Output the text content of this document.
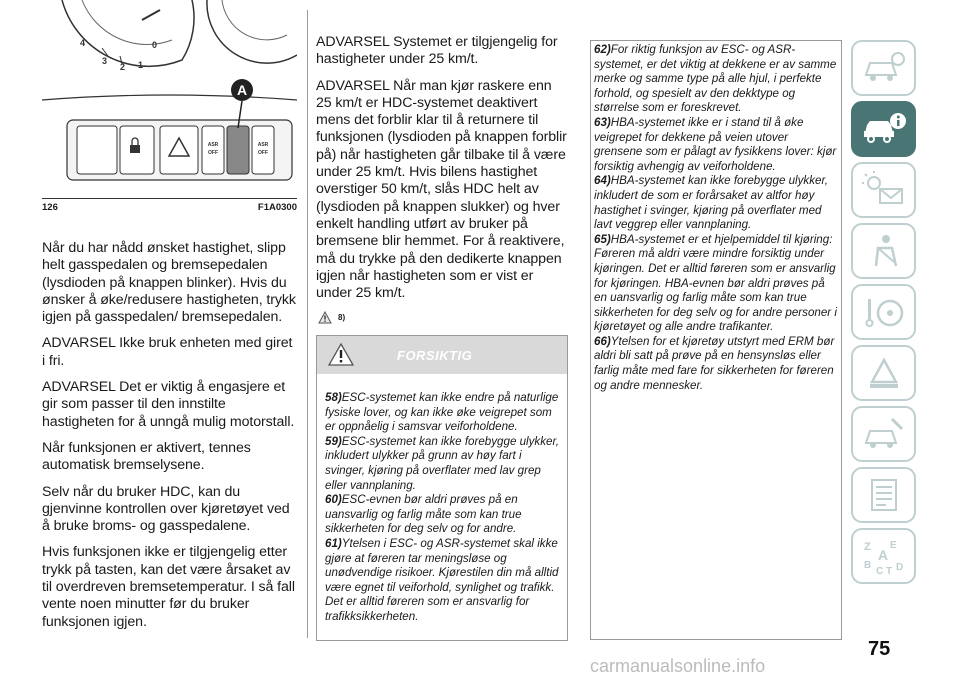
A
4
3
2 1
0
ASR
OFF
ASR
OFF
126	F1A0300

Når du har nådd ønsket hastighet, slipp helt gasspedalen og bremsepedalen (lysdioden på knappen blinker). Hvis du ønsker å øke/redusere hastigheten, trykk igjen på gasspedalen/ bremsepedalen.

ADVARSEL Ikke bruk enheten med giret i fri.

ADVARSEL Det er viktig å engasjere et gir som passer til den innstilte hastigheten for å unngå mulig motorstall.

Når funksjonen er aktivert, tennes automatisk bremselysene.

Selv når du bruker HDC, kan du gjenvinne kontrollen over kjøretøyet ved å bruke broms- og gasspedalene.

Hvis funksjonen ikke er tilgjengelig etter trykk på tasten, kan det være årsaket av til overdreven bremsetemperatur. I så fall vente noen minutter før du bruker funksjonen igjen.

ADVARSEL Systemet er tilgjengelig for hastigheter under 25 km/t.

ADVARSEL Når man kjør raskere enn 25 km/t er HDC-systemet deaktivert mens det forblir klar til å returnere til funksjonen (lysdioden på knappen forblir på) når hastigheten går tilbake til å være under 25 km/t. Hvis bilens hastighet overstiger 50 km/t, slås HDC helt av (lysdioden på knappen slukker) og hver enkelt handling utført av bruker på bremsene blir hemmet. For å reaktivere, må du trykke på den dedikerte knappen igjen når hastigheten som er vist er under 25 km/t.

8)
FORSIKTIG

58)ESC-systemet kan ikke endre på naturlige fysiske lover, og kan ikke øke veigrepet som er oppnåelig i samsvar veiforholdene.

59)ESC-systemet kan ikke forebygge ulykker, inkludert ulykker på grunn av høy fart i svinger, kjøring på overflater med lav grep eller vannplaning.

60)ESC-evnen bør aldri prøves på en uansvarlig og farlig måte som kan true sikkerheten for deg selv og for andre.

61)Ytelsen i ESC- og ASR-systemet skal ikke gjøre at føreren tar meningsløse og unødvendige risikoer. Kjørestilen din må alltid være egnet til veiforhold, synlighet og trafikk. Det er alltid føreren som er ansvarlig for trafikksikkerheten.

62)For riktig funksjon av ESC- og ASR-systemet, er det viktig at dekkene er av samme merke og samme type på alle hjul, i perfekte forhold, og spesielt av den dekktype og størrelse som er foreskrevet.

63)HBA-systemet ikke er i stand til å øke veigrepet for dekkene på veien utover grensene som er pålagt av fysikkens lover: kjør forsiktig avhengig av veiforholdene.

64)HBA-systemet kan ikke forebygge ulykker, inkludert de som er forårsaket av altfor høy hastighet i svinger, kjøring på overflater med lavt veggrep eller vannplaning.

65)HBA-systemet er et hjelpemiddel til kjøring: Føreren må aldri være mindre forsiktig under kjøringen. Det er alltid føreren som er ansvarlig for kjøringen. HBA-evnen bør aldri prøves på en uansvarlig og farlig måte som kan true sikkerheten for deg selv og for andre personer i kjøretøyet og alle andre trafikanter.

66)Ytelsen for et kjøretøy utstyrt med ERM bør aldri bli satt på prøve på en hensynsløs eller farlig måte med fare for sikkerheten for føreren og andre mennesker.

Z E
A
B
C T D
75
carmanualsonline.info
